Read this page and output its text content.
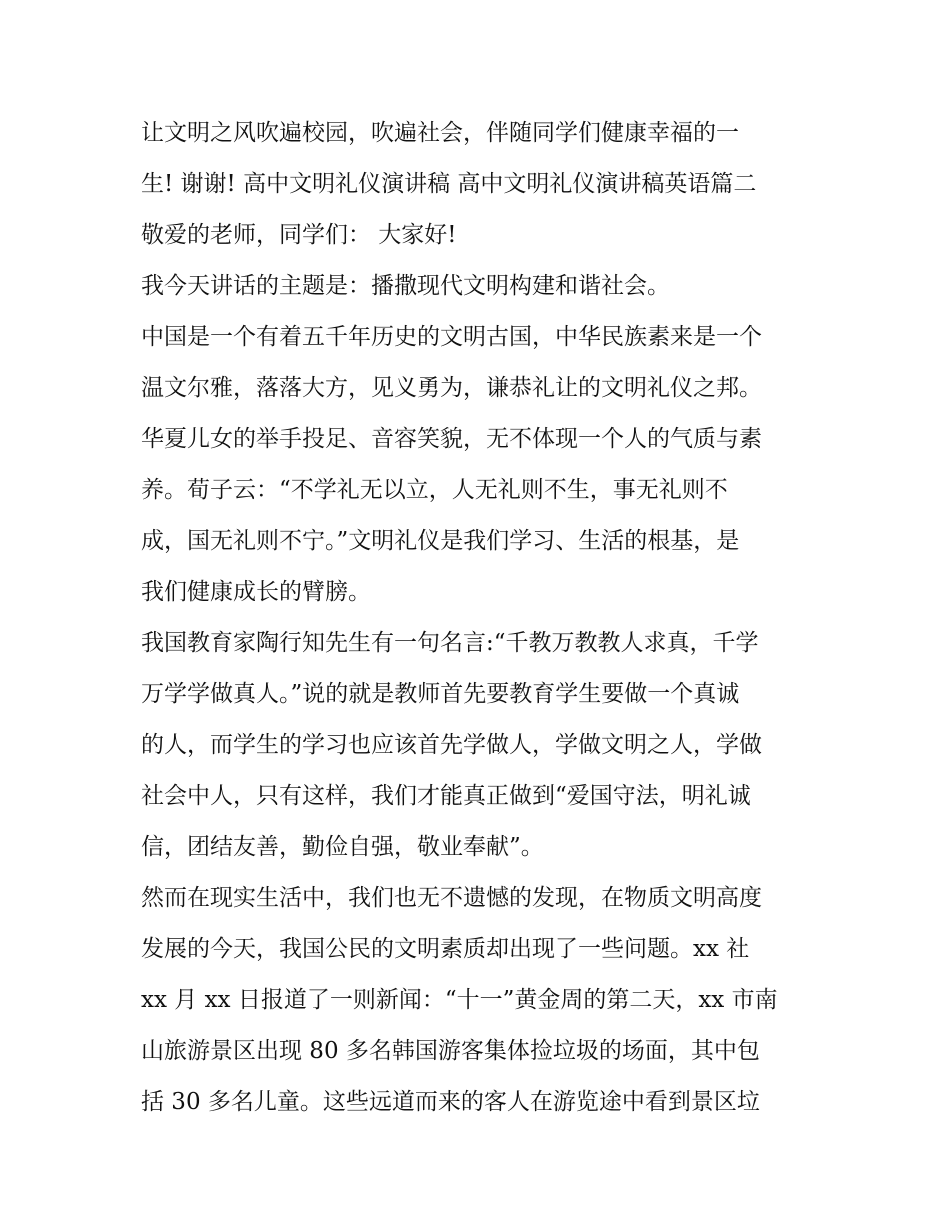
让文明之风吹遍校园，吹遍社会，伴随同学们健康幸福的一
生! 谢谢! 高中文明礼仪演讲稿 高中文明礼仪演讲稿英语篇二
敬爱的老师，同学们： 大家好!
我今天讲话的主题是：播撒现代文明构建和谐社会。
中国是一个有着五千年历史的文明古国，中华民族素来是一个
温文尔雅，落落大方，见义勇为，谦恭礼让的文明礼仪之邦。
华夏儿女的举手投足、音容笑貌，无不体现一个人的气质与素
养。荀子云：“不学礼无以立，人无礼则不生，事无礼则不
成，国无礼则不宁。”文明礼仪是我们学习、生活的根基，是
我们健康成长的臂膀。
我国教育家陶行知先生有一句名言:“千教万教教人求真，千学
万学学做真人。”说的就是教师首先要教育学生要做一个真诚
的人，而学生的学习也应该首先学做人，学做文明之人，学做
社会中人，只有这样，我们才能真正做到“爱国守法，明礼诚
信，团结友善，勤俭自强，敬业奉献”。
然而在现实生活中，我们也无不遗憾的发现，在物质文明高度
发展的今天，我国公民的文明素质却出现了一些问题。xx 社
xx 月 xx 日报道了一则新闻：“十一”黄金周的第二天，xx 市南
山旅游景区出现 80 多名韩国游客集体捡垃圾的场面，其中包
括 30 多名儿童。这些远道而来的客人在游览途中看到景区垃
